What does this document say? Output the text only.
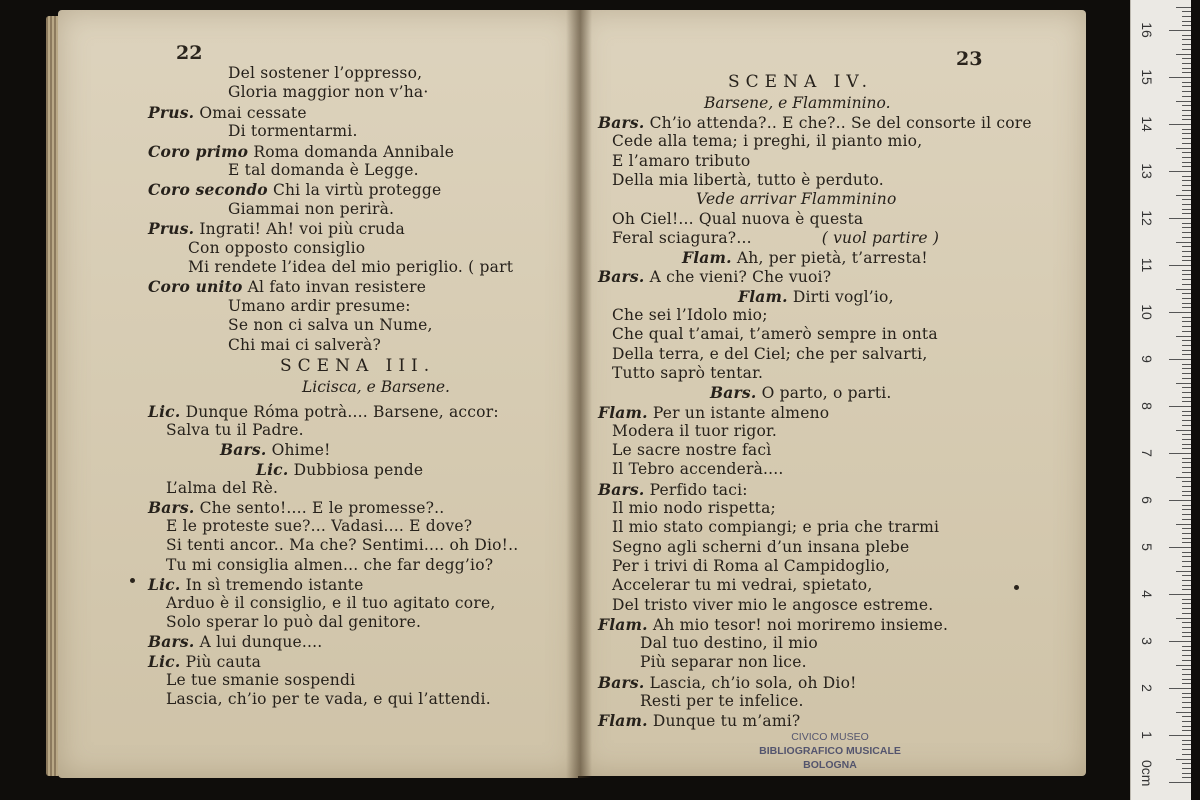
22
Del sostener l’oppresso,
Gloria maggior non v’ha·
Prus. Omai cessate
Di tormentarmi.
Coro primo Roma domanda Annibale
E tal domanda è Legge.
Coro secondo Chi la virtù protegge
Giammai non perirà.
Prus. Ingrati! Ah! voi più cruda
Con opposto consiglio
Mi rendete l’idea del mio periglio. ( part
Coro unito Al fato invan resistere
Umano ardir presume:
Se non ci salva un Nume,
Chi mai ci salverà?
SCENA III.
Licisca, e Barsene.
Lic. Dunque Róma potrà.... Barsene, accor:
Salva tu il Padre.
Bars. Ohime!
Lic. Dubbiosa pende
L’alma del Rè.
Bars. Che sento!.... E le promesse?..
E le proteste sue?... Vadasi.... E dove?
Si tenti ancor.. Ma che? Sentimi.... oh Dio!..
Tu mi consiglia almen... che far degg’io?
Lic. In sì tremendo istante
Arduo è il consiglio, e il tuo agitato core,
Solo sperar lo può dal genitore.
Bars. A lui dunque....
Lic. Più cauta
Le tue smanie sospendi
Lascia, ch’io per te vada, e qui l’attendi.
23
SCENA IV.
Barsene, e Flamminino.
Bars. Ch’io attenda?.. E che?.. Se del consorte il core
Cede alla tema; i preghi, il pianto mio,
E l’amaro tributo
Della mia libertà, tutto è perduto.
Vede arrivar Flamminino
Oh Ciel!... Qual nuova è questa
Feral sciagura?...	( vuol partire )
Flam. Ah, per pietà, t’arresta!
Bars. A che vieni? Che vuoi?
Flam. Dirti vogl’io,
Che sei l’Idolo mio;
Che qual t’amai, t’amerò sempre in onta
Della terra, e del Ciel; che per salvarti,
Tutto saprò tentar.
Bars. O parto, o parti.
Flam. Per un istante almeno
Modera il tuor rigor.
Le sacre nostre facì
Il Tebro accenderà....
Bars. Perfido taci:
Il mio nodo rispetta;
Il mio stato compiangi; e pria che trarmi
Segno agli scherni d’un insana plebe
Per i trivi di Roma al Campidoglio,
Accelerar tu mi vedrai, spietato,
Del tristo viver mio le angosce estreme.
Flam. Ah mio tesor! noi moriremo insieme.
Dal tuo destino, il mio
Più separar non lice.
Bars. Lascia, ch’io sola, oh Dio!
Resti per te infelice.
Flam. Dunque tu m’ami?
CIVICO MUSEO
BIBLIOGRAFICO MUSICALE
BOLOGNA	0cm
1
2
3
4
5
6
7
8
9
10
11
12
13
14
15
16
